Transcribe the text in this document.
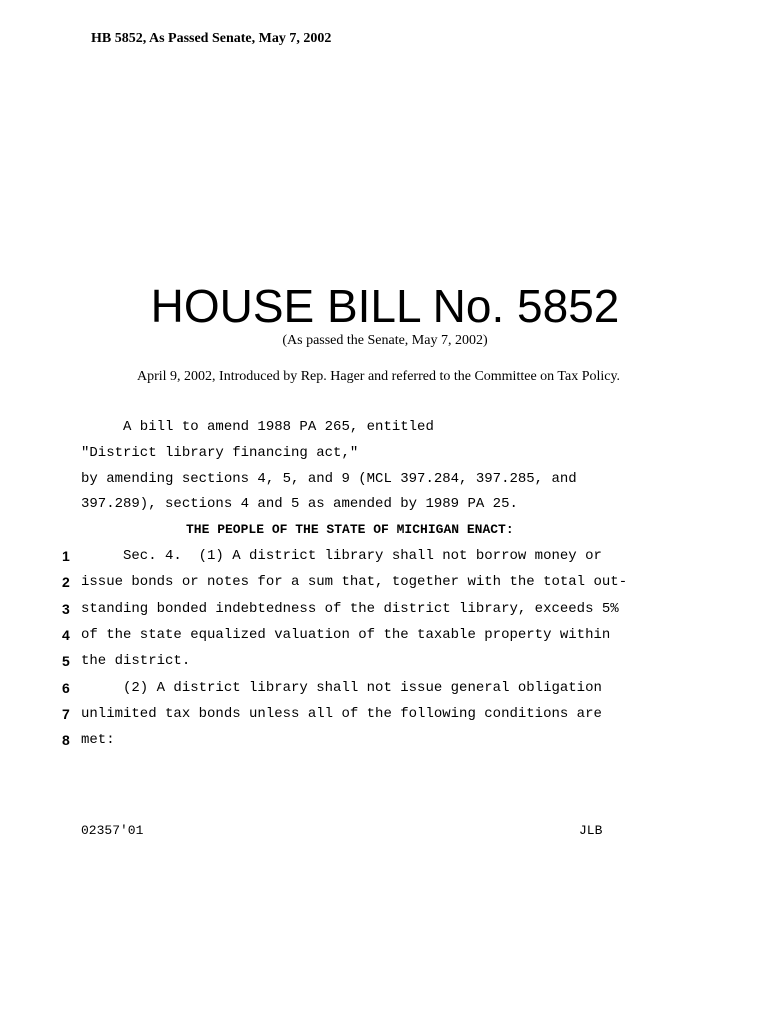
HB 5852, As Passed Senate, May 7, 2002
HOUSE BILL No. 5852
(As passed the Senate, May 7, 2002)
April 9, 2002, Introduced by Rep. Hager and referred to the Committee on Tax Policy.
A bill to amend 1988 PA 265, entitled
"District library financing act,"
by amending sections 4, 5, and 9 (MCL 397.284, 397.285, and
397.289), sections 4 and 5 as amended by 1989 PA 25.
THE PEOPLE OF THE STATE OF MICHIGAN ENACT:
1 Sec. 4.  (1) A district library shall not borrow money or
2 issue bonds or notes for a sum that, together with the total out-
3 standing bonded indebtedness of the district library, exceeds 5%
4 of the state equalized valuation of the taxable property within
5 the district.
6 (2) A district library shall not issue general obligation
7 unlimited tax bonds unless all of the following conditions are
8 met:
02357'01	JLB
